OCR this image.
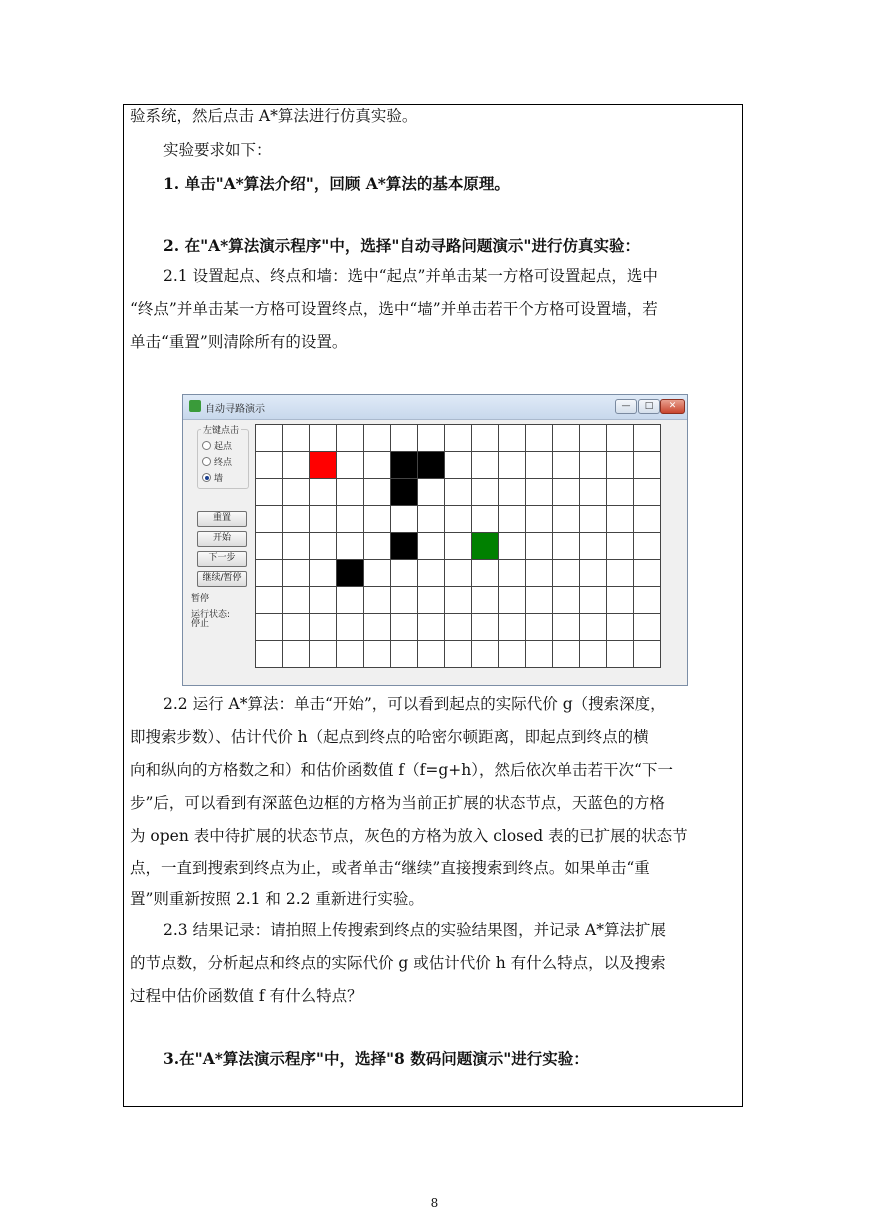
验系统，然后点击 A*算法进行仿真实验。

实验要求如下：

1. 单击"A*算法介绍"，回顾 A*算法的基本原理。

2. 在"A*算法演示程序"中，选择"自动寻路问题演示"进行仿真实验：

2.1 设置起点、终点和墙：选中“起点”并单击某一方格可设置起点，选中

“终点”并单击某一方格可设置终点，选中“墙”并单击若干个方格可设置墙，若

单击“重置”则清除所有的设置。

自动寻路演示	—	□	✕
左键点击
起点
终点
墙
重置
开始
下一步
继续/暂停
暂停
运行状态:
停止

2.2 运行 A*算法：单击“开始”，可以看到起点的实际代价 g（搜索深度，

即搜索步数）、估计代价 h（起点到终点的哈密尔顿距离，即起点到终点的横

向和纵向的方格数之和）和估价函数值 f（f=g+h），然后依次单击若干次“下一

步”后，可以看到有深蓝色边框的方格为当前正扩展的状态节点，天蓝色的方格

为 open 表中待扩展的状态节点，灰色的方格为放入 closed 表的已扩展的状态节

点，一直到搜索到终点为止，或者单击“继续”直接搜索到终点。如果单击“重

置”则重新按照 2.1 和 2.2 重新进行实验。

2.3 结果记录：请拍照上传搜索到终点的实验结果图，并记录 A*算法扩展

的节点数，分析起点和终点的实际代价 g 或估计代价 h 有什么特点，以及搜索

过程中估价函数值 f 有什么特点？

3.在"A*算法演示程序"中，选择"8 数码问题演示"进行实验：

8
